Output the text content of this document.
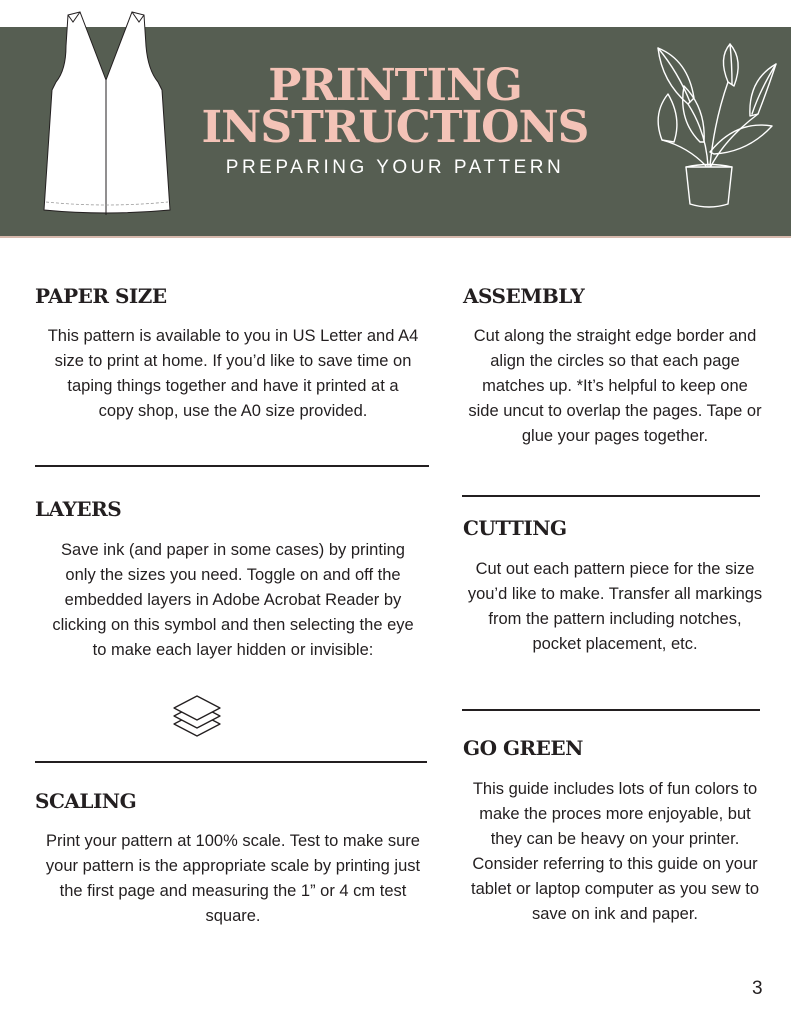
PRINTING
INSTRUCTIONS
PREPARING YOUR PATTERN
PAPER SIZE

This pattern is available to you in US Letter and A4
size to print at home. If you’d like to save time on
taping things together and have it printed at a
copy shop, use the A0 size provided.

LAYERS

Save ink (and paper in some cases) by printing
only the sizes you need. Toggle on and off the
embedded layers in Adobe Acrobat Reader by
clicking on this symbol and then selecting the eye
to make each layer hidden or invisible:

SCALING

Print your pattern at 100% scale. Test to make sure
your pattern is the appropriate scale by printing just
the first page and measuring the 1” or 4 cm test
square.

ASSEMBLY

Cut along the straight edge border and
align the circles so that each page
matches up. *It’s helpful to keep one
side uncut to overlap the pages. Tape or
glue your pages together.

CUTTING

Cut out each pattern piece for the size
you’d like to make. Transfer all markings
from the pattern including notches,
pocket placement, etc.

GO GREEN

This guide includes lots of fun colors to
make the proces more enjoyable, but
they can be heavy on your printer.
Consider referring to this guide on your
tablet or laptop computer as you sew to
save on ink and paper.

3
